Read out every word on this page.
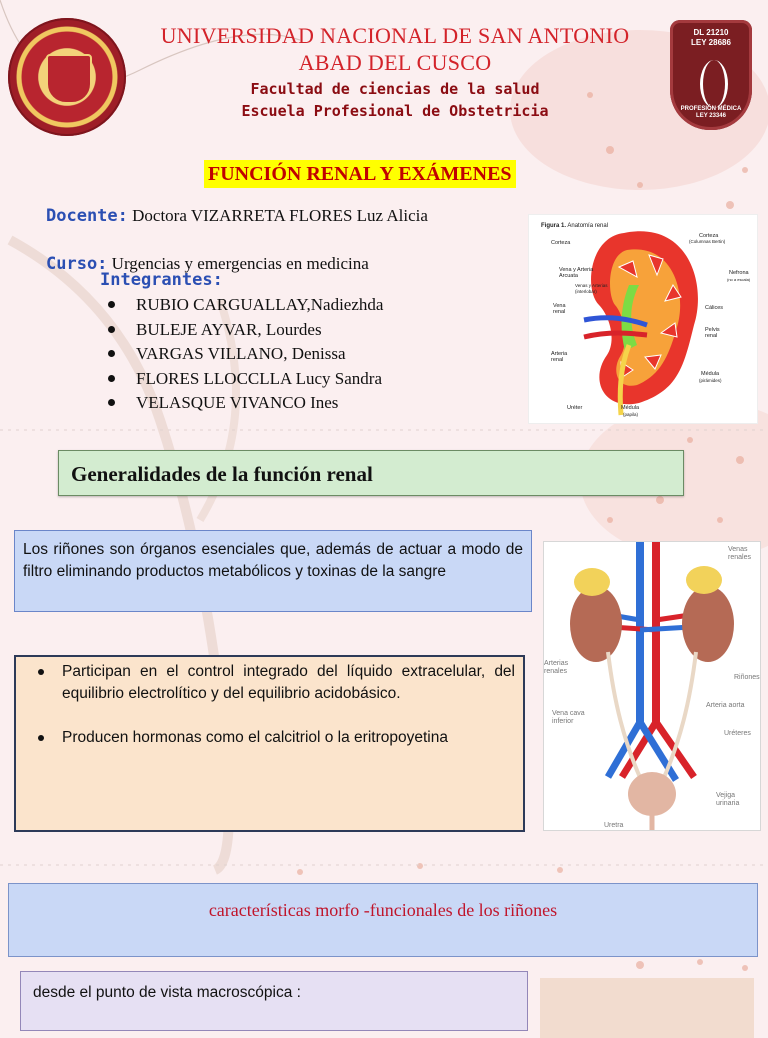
DL 21210
LEY 28686
PROFESIÓN MÉDICA
LEY 23346
UNIVERSIDAD NACIONAL DE SAN ANTONIO ABAD DEL CUSCO
Facultad de ciencias de la salud
Escuela Profesional de Obstetricia
FUNCIÓN RENAL Y EXÁMENES
Docente: Doctora VIZARRETA FLORES Luz Alicia
Curso: Urgencias y emergencias en medicina
Integrantes:
RUBIO CARGUALLAY,Nadiezhda
BULEJE AYVAR, Lourdes
VARGAS VILLANO, Denissa
FLORES LLOCCLLA Lucy Sandra
VELASQUE VIVANCO Ines
Figura 1. Anatomía renal
Corteza
Corteza
(Columnas Bertin)
Vena y Arteria Arcuata
Venas y Arterias (interlobar)
Nefrona
(no a escala)
Vena renal
Cálices
Pelvis renal
Arteria renal
Médula
(pirámides)
Uréter	Médula
(papila)
Generalidades de la función renal
Los riñones son órganos esenciales que, además de actuar a modo de filtro eliminando productos metabólicos y toxinas de la sangre
Participan en el control integrado del líquido extracelular, del equilibrio electrolítico y del equilibrio acidobásico.
Producen hormonas como el calcitriol o la eritropoyetina
Venas renales
Arterias renales
Riñones
Vena cava inferior
Arteria aorta
Uréteres
Vejiga urinaria
Uretra
características morfo -funcionales de los riñones
desde el punto de vista macroscópica :
